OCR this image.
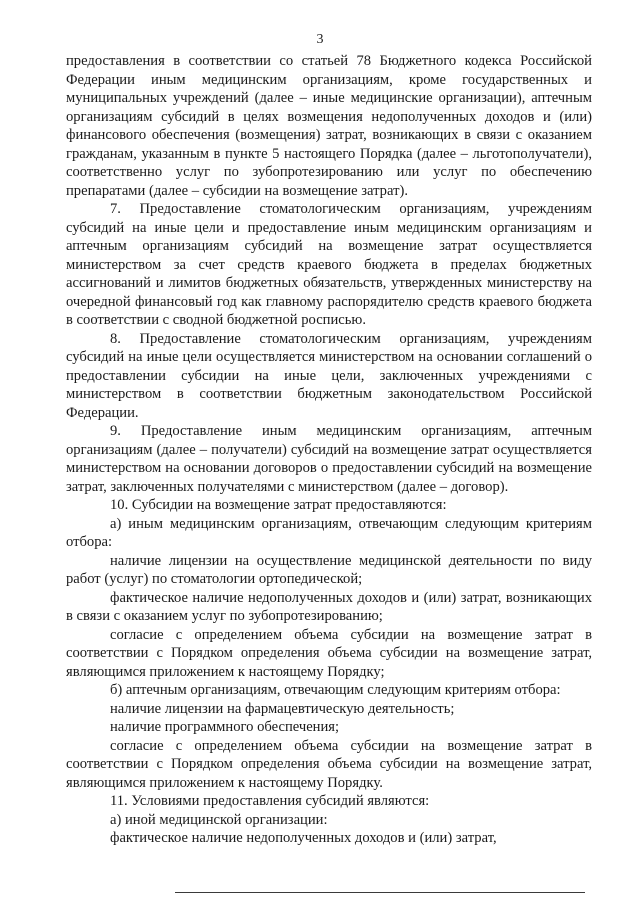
3

предоставления в соответствии со статьей 78 Бюджетного кодекса Российской Федерации иным медицинским организациям, кроме государственных и муниципальных учреждений (далее – иные медицинские организации), аптечным организациям субсидий в целях возмещения недополученных доходов и (или) финансового обеспечения (возмещения) затрат, возникающих в связи с оказанием гражданам, указанным в пункте 5 настоящего Порядка (далее – льготополучатели), соответственно услуг по зубопротезированию или услуг по обеспечению препаратами (далее – субсидии на возмещение затрат).

7. Предоставление стоматологическим организациям, учреждениям субсидий на иные цели и предоставление иным медицинским организациям и аптечным организациям субсидий на возмещение затрат осуществляется министерством за счет средств краевого бюджета в пределах бюджетных ассигнований и лимитов бюджетных обязательств, утвержденных министерству на очередной финансовый год как главному распорядителю средств краевого бюджета в соответствии с сводной бюджетной росписью.

8. Предоставление стоматологическим организациям, учреждениям субсидий на иные цели осуществляется министерством на основании соглашений о предоставлении субсидии на иные цели, заключенных учреждениями с министерством в соответствии бюджетным законодательством Российской Федерации.

9. Предоставление иным медицинским организациям, аптечным организациям (далее – получатели) субсидий на возмещение затрат осуществляется министерством на основании договоров о предоставлении субсидий на возмещение затрат, заключенных получателями с министерством (далее – договор).

10. Субсидии на возмещение затрат предоставляются:

а) иным медицинским организациям, отвечающим следующим критериям отбора:

наличие лицензии на осуществление медицинской деятельности по виду работ (услуг) по стоматологии ортопедической;

фактическое наличие недополученных доходов и (или) затрат, возникающих в связи с оказанием услуг по зубопротезированию;

согласие с определением объема субсидии на возмещение затрат в соответствии с Порядком определения объема субсидии на возмещение затрат, являющимся приложением к настоящему Порядку;

б) аптечным организациям, отвечающим следующим критериям отбора:

наличие лицензии на фармацевтическую деятельность;

наличие программного обеспечения;

согласие с определением объема субсидии на возмещение затрат в соответствии с Порядком определения объема субсидии на возмещение затрат, являющимся приложением к настоящему Порядку.

11. Условиями предоставления субсидий являются:

а) иной медицинской организации:

фактическое наличие недополученных доходов и (или) затрат,
